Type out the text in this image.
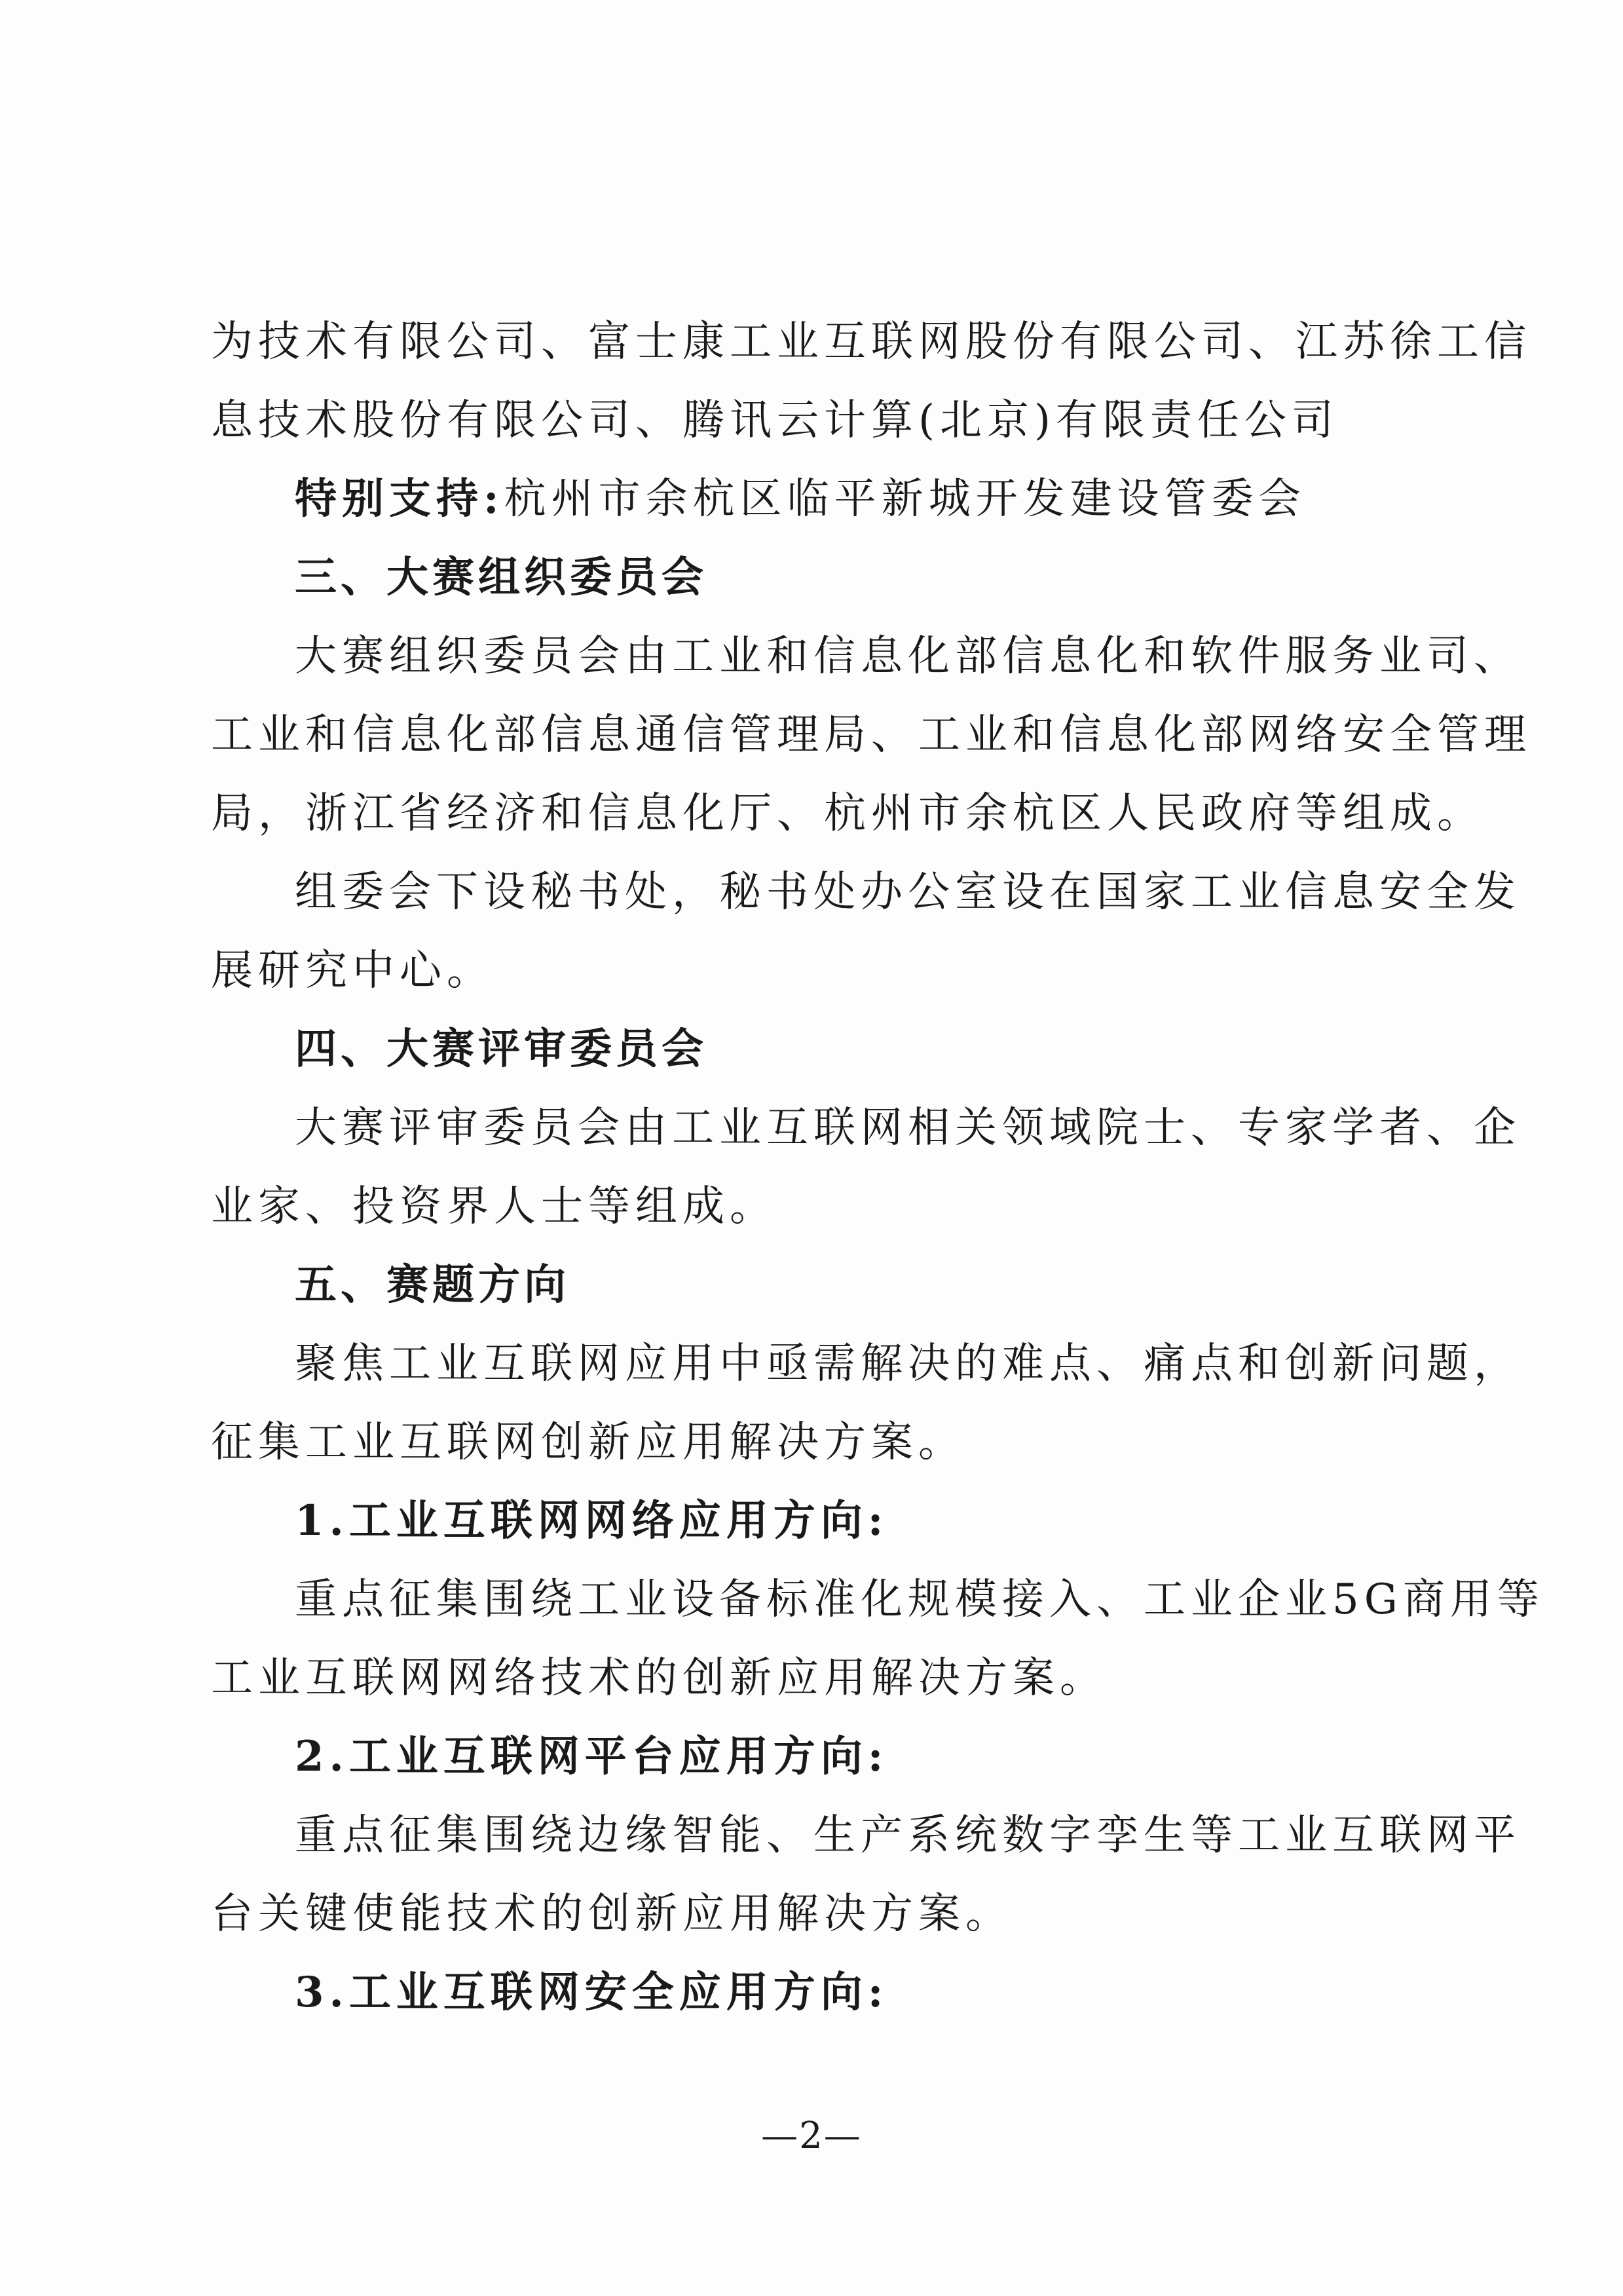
为技术有限公司、富士康工业互联网股份有限公司、江苏徐工信
息技术股份有限公司、腾讯云计算(北京)有限责任公司
特别支持:杭州市余杭区临平新城开发建设管委会
三、大赛组织委员会
大赛组织委员会由工业和信息化部信息化和软件服务业司、
工业和信息化部信息通信管理局、工业和信息化部网络安全管理
局，浙江省经济和信息化厅、杭州市余杭区人民政府等组成。
组委会下设秘书处，秘书处办公室设在国家工业信息安全发
展研究中心。
四、大赛评审委员会
大赛评审委员会由工业互联网相关领域院士、专家学者、企
业家、投资界人士等组成。
五、赛题方向
聚焦工业互联网应用中亟需解决的难点、痛点和创新问题，
征集工业互联网创新应用解决方案。
1.工业互联网网络应用方向:
重点征集围绕工业设备标准化规模接入、工业企业5G商用等
工业互联网网络技术的创新应用解决方案。
2.工业互联网平台应用方向:
重点征集围绕边缘智能、生产系统数字孪生等工业互联网平
台关键使能技术的创新应用解决方案。
3.工业互联网安全应用方向:
—2—
